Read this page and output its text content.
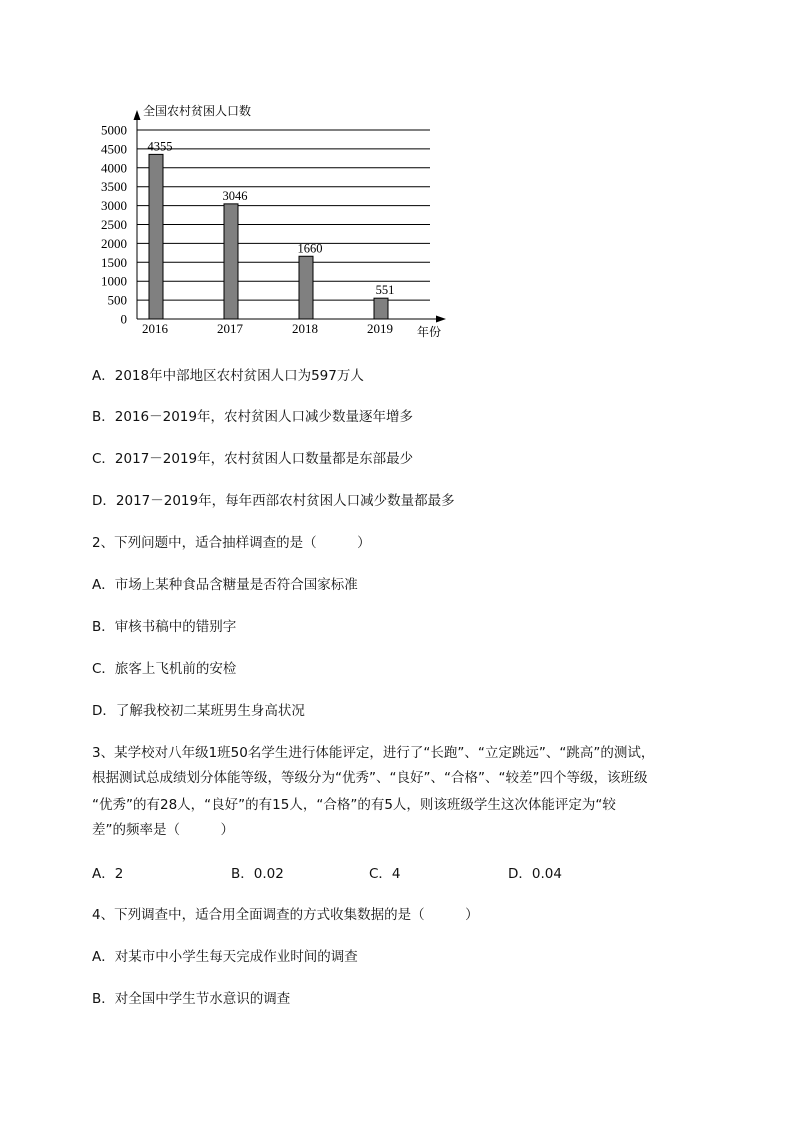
0
500
1000
1500
2000
2500
3000
3500
4000
4500
5000
4355
2016
3046
2017
1660
2018
551
2019
全国农村贫困人口数
年份
A．2018年中部地区农村贫困人口为597万人
B．2016－2019年，农村贫困人口减少数量逐年增多
C．2017－2019年，农村贫困人口数量都是东部最少
D．2017－2019年，每年西部农村贫困人口减少数量都最多
2、下列问题中，适合抽样调查的是（　　　）
A．市场上某种食品含糖量是否符合国家标准
B．审核书稿中的错别字
C．旅客上飞机前的安检
D．了解我校初二某班男生身高状况
3、某学校对八年级1班50名学生进行体能评定，进行了“长跑”、“立定跳远”、“跳高”的测试，
根据测试总成绩划分体能等级，等级分为“优秀”、“良好”、“合格”、“较差”四个等级，该班级
“优秀”的有28人，“良好”的有15人，“合格”的有5人，则该班级学生这次体能评定为“较
差”的频率是（　　　）
A．2	B．0.02	C．4	D．0.04
4、下列调查中，适合用全面调查的方式收集数据的是（　　　）
A．对某市中小学生每天完成作业时间的调查
B．对全国中学生节水意识的调查
